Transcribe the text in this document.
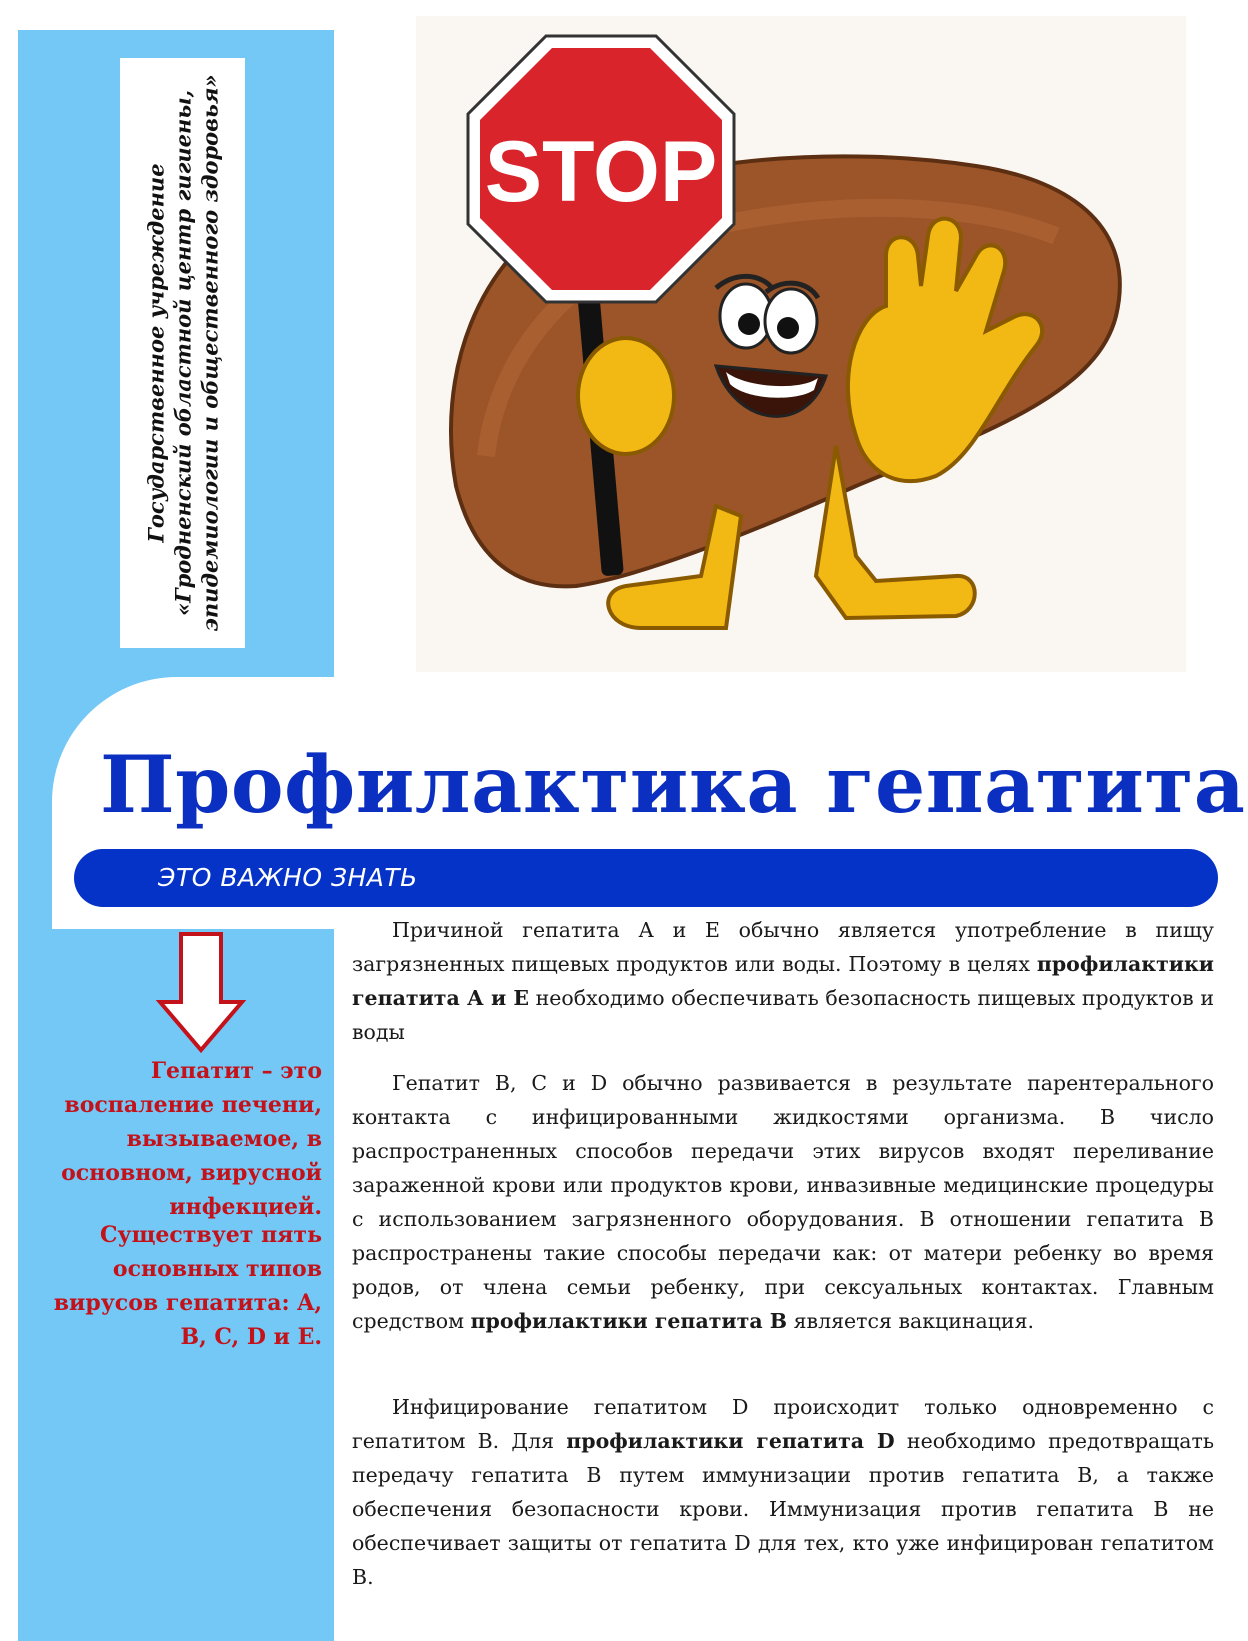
Государственное учреждение «Гродненский областной центр гигиены, эпидемиологии и общественного здоровья»	STOP
Профилактика гепатита
ЭТО ВАЖНО ЗНАТЬ

Гепатит – это воспаление печени, вызываемое, в основном, вирусной инфекцией.

Существует пять основных типов вирусов гепатита: A, B, C, D и E.

Причиной гепатита А и Е обычно является употребление в пищу загрязненных пищевых продуктов или воды. Поэтому в целях профилактики гепатита А и Е необходимо обеспечивать безопасность пищевых продуктов и воды

Гепатит В, С и D обычно развивается в результате парентерального контакта с инфицированными жидкостями организма. В число распространенных способов передачи этих вирусов входят переливание зараженной крови или продуктов крови, инвазивные медицинские процедуры с использованием загрязненного оборудования. В отношении гепатита В распространены такие способы передачи как: от матери ребенку во время родов, от члена семьи ребенку, при сексуальных контактах. Главным средством профилактики гепатита В является вакцинация.

Инфицирование гепатитом D происходит только одновременно с гепатитом В. Для профилактики гепатита D необходимо предотвращать передачу гепатита В путем иммунизации против гепатита В, а также обеспечения безопасности крови. Иммунизация против гепатита В не обеспечивает защиты от гепатита D для тех, кто уже инфицирован гепатитом В.
